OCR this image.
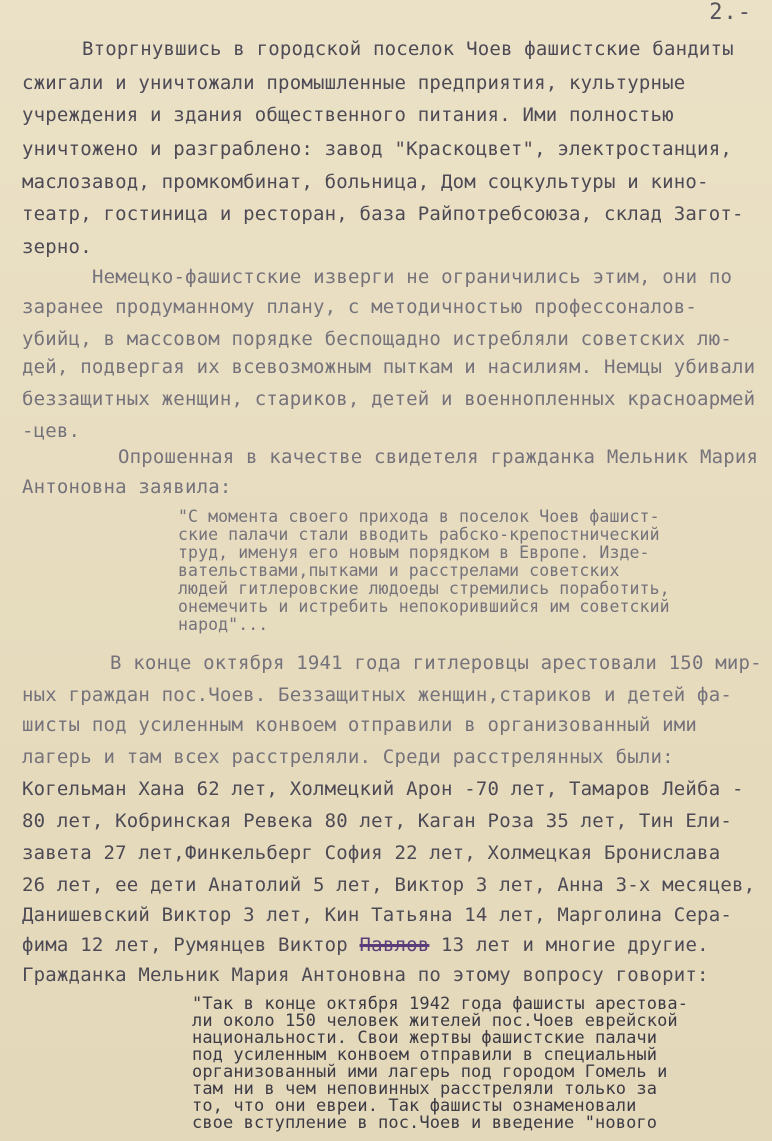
2.-
Вторгнувшись в городской поселок Чоев фашистские бандиты
сжигали и уничтожали промышленные предприятия, культурные
учреждения и здания общественного питания. Ими полностью
уничтожено и разграблено: завод "Краскоцвет", электростанция,
маслозавод, промкомбинат, больница, Дом соцкультуры и кино-
театр, гостиница и ресторан, база Райпотребсоюза, склад Загот-
зерно.
Немецко-фашистские изверги не ограничились этим, они по
заранее продуманному плану, с методичностью профессоналов-
убийц, в массовом порядке беспощадно истребляли советских лю-
дей, подвергая их всевозможным пыткам и насилиям. Немцы убивали
беззащитных женщин, стариков, детей и военнопленных красноармей
-цев.
Опрошенная в качестве свидетеля гражданка Мельник Мария
Антоновна заявила:
"С момента своего прихода в поселок Чоев фашист-
ские палачи стали вводить рабско-крепостнический
труд, именуя его новым порядком в Европе. Изде-
вательствами,пытками и расстрелами советских
людей гитлеровские людоеды стремились поработить,
онемечить и истребить непокорившийся им советский
народ"...
В конце октября 1941 года гитлеровцы арестовали 150 мир-
ных граждан пос.Чоев. Беззащитных женщин,стариков и детей фа-
шисты под усиленным конвоем отправили в организованный ими
лагерь и там всех расстреляли. Среди расстрелянных были:
Когельман Хана 62 лет, Холмецкий Арон -70 лет, Тамаров Лейба -
80 лет, Кобринская Ревека 80 лет, Каган Роза 35 лет, Тин Ели-
завета 27 лет,Финкельберг София 22 лет, Холмецкая Бронислава
26 лет, ее дети Анатолий 5 лет, Виктор 3 лет, Анна 3-х месяцев,
Данишевский Виктор 3 лет, Кин Татьяна 14 лет, Марголина Сера-
фима 12 лет, Румянцев Виктор Павлов 13 лет и многие другие.
Гражданка Мельник Мария Антоновна по этому вопросу говорит:
"Так в конце октября 1942 года фашисты арестова-
ли около 150 человек жителей пос.Чоев еврейской
национальности. Свои жертвы фашистские палачи
под усиленным конвоем отправили в специальный
организованный ими лагерь под городом Гомель и
там ни в чем неповинных расстреляли только за
то, что они евреи. Так фашисты ознаменовали
свое вступление в пос.Чоев и введение "нового
